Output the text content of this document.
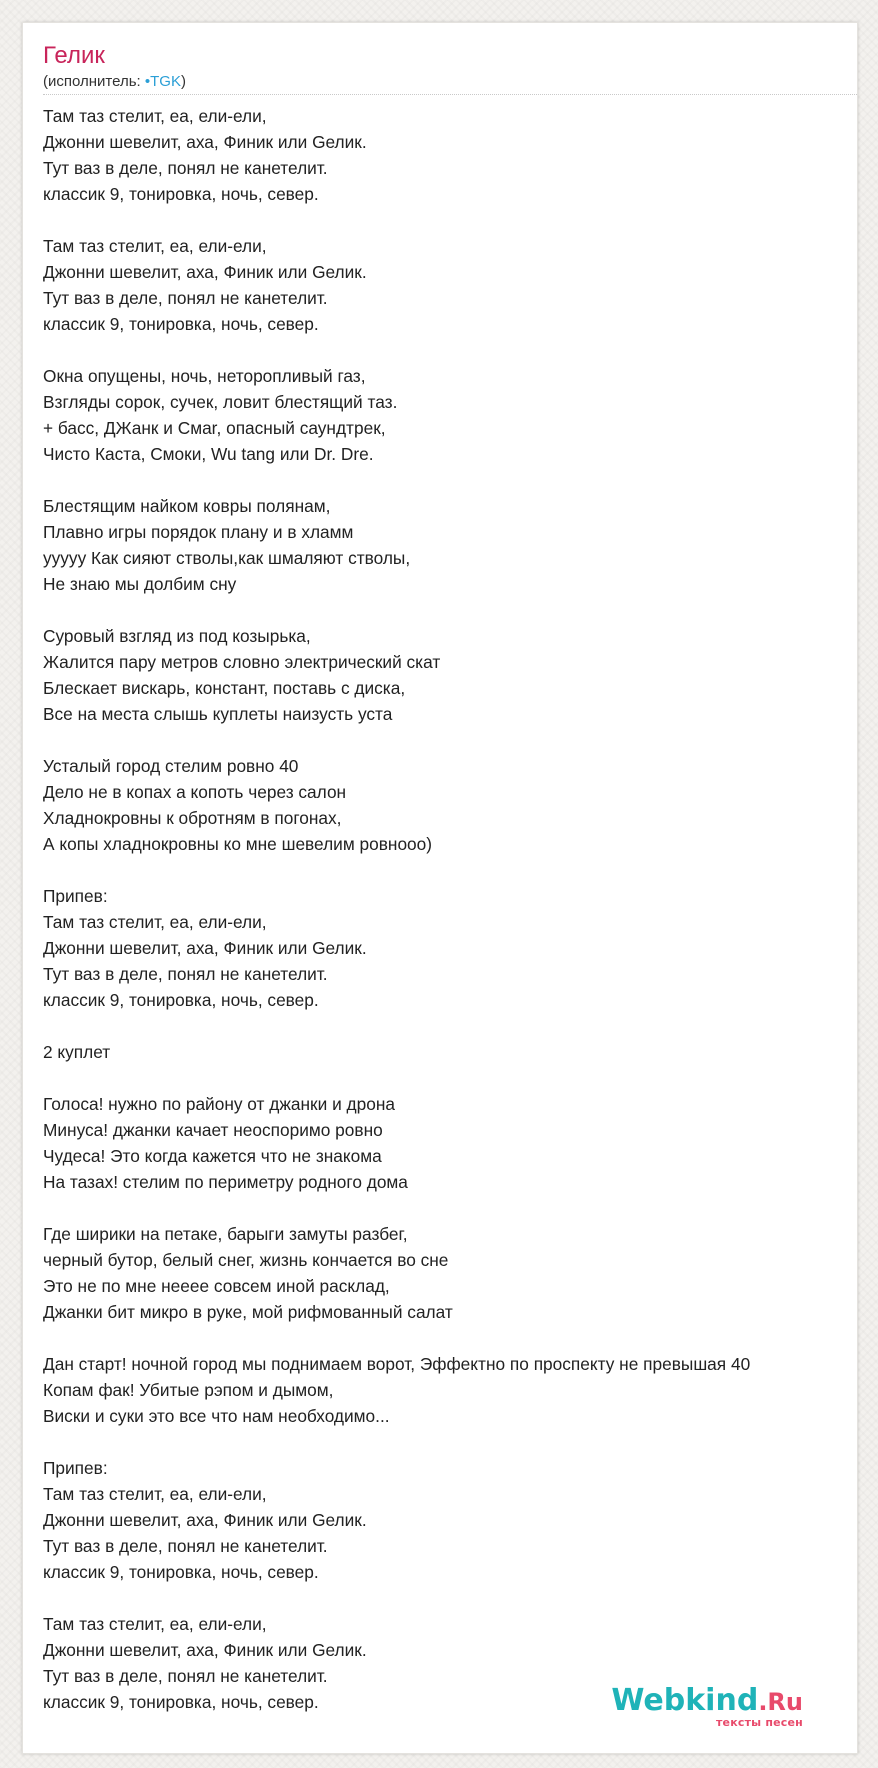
Гелик
(исполнитель: •TGK)
Там таз стелит, еа, ели-ели,
Джонни шевелит, аха, Финик или Gелик.
Тут ваз в деле, понял не канетелит.
классик 9, тонировка, ночь, север.
Там таз стелит, еа, ели-ели,
Джонни шевелит, аха, Финик или Gелик.
Тут ваз в деле, понял не канетелит.
классик 9, тонировка, ночь, север.
Окна опущены, ночь, неторопливый газ,
Взгляды сорок, сучек, ловит блестящий таз.
+ басс, ДЖанк и Cмаr, опасный саундтрек,
Чисто Каста, Смоки, Wu tang или Dr. Dre.
Блестящим найком ковры полянам,
Плавно игры порядок плану и в хламм
ууууу Как сияют стволы,как шмаляют стволы,
Не знаю мы долбим сну
Суровый взгляд из под козырька,
Жалится пару метров словно электрический скат
Блескает вискарь, констант, поставь с диска,
Все на места слышь куплеты наизусть уста
Усталый город стелим ровно 40
Дело не в копах а копоть через салон
Хладнокровны к обротням в погонах,
А копы хладнокровны ко мне шевелим ровнооо)
Припев:
Там таз стелит, еа, ели-ели,
Джонни шевелит, аха, Финик или Gелик.
Тут ваз в деле, понял не канетелит.
классик 9, тонировка, ночь, север.
2 куплет
Голоса! нужно по району от джанки и дрона
Минуса! джанки качает неоспоримо ровно
Чудеса! Это когда кажется что не знакома
На тазах! стелим по периметру родного дома
Где ширики на петаке, барыги замуты разбег,
черный бутор, белый снег, жизнь кончается во сне
Это не по мне нееее совсем иной расклад,
Джанки бит микро в руке, мой рифмованный салат
Дан старт! ночной город мы поднимаем ворот, Эффектно по проспекту не превышая 40
Копам фак! Убитые рэпом и дымом,
Виски и суки это все что нам необходимо...
Припев:
Там таз стелит, еа, ели-ели,
Джонни шевелит, аха, Финик или Gелик.
Тут ваз в деле, понял не канетелит.
классик 9, тонировка, ночь, север.
Там таз стелит, еа, ели-ели,
Джонни шевелит, аха, Финик или Gелик.
Тут ваз в деле, понял не канетелит.
классик 9, тонировка, ночь, север.	Webkind.Ru
тексты песен
